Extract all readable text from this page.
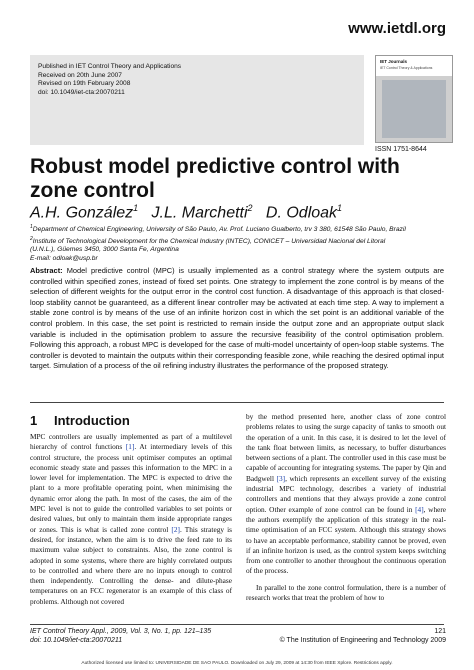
www.ietdl.org
Published in IET Control Theory and Applications
Received on 20th June 2007
Revised on 19th February 2008
doi: 10.1049/iet-cta:20070211
IET Journals
IET Control Theory & Applications
ISSN 1751-8644
Robust model predictive control with zone control
A.H. González$^1$ J.L. Marchetti$^2$ D. Odloak$^1$
$^1$Department of Chemical Engineering, University of São Paulo, Av. Prof. Luciano Gualberto, trv 3 380, 61548 São Paulo, Brazil
$^2$Institute of Technological Development for the Chemical Industry (INTEC), CONICET – Universidad Nacional del Litoral
(U.N.L.), Güemes 3450, 3000 Santa Fe, Argentina
E-mail: odloak@usp.br
Abstract: Model predictive control (MPC) is usually implemented as a control strategy where the system outputs are controlled within specified zones, instead of fixed set points. One strategy to implement the zone control is by means of the selection of different weights for the output error in the control cost function. A disadvantage of this approach is that closed-loop stability cannot be guaranteed, as a different linear controller may be activated at each time step. A way to implement a stable zone control is by means of the use of an infinite horizon cost in which the set point is an additional variable of the control problem. In this case, the set point is restricted to remain inside the output zone and an appropriate output slack variable is included in the optimisation problem to assure the recursive feasibility of the control optimisation problem. Following this approach, a robust MPC is developed for the case of multi-model uncertainty of open-loop stable systems. The controller is devoted to maintain the outputs within their corresponding feasible zone, while reaching the desired optimal input target. Simulation of a process of the oil refining industry illustrates the performance of the proposed strategy.
1 Introduction

MPC controllers are usually implemented as part of a multilevel hierarchy of control functions [1]. At intermediary levels of this control structure, the process unit optimiser computes an optimal economic steady state and passes this information to the MPC in a lower level for implementation. The MPC is expected to drive the plant to a more profitable operating point, when minimising the dynamic error along the path. In most of the cases, the aim of the MPC level is not to guide the controlled variables to set points or desired values, but only to maintain them inside appropriate ranges or zones. This is what is called zone control [2]. This strategy is desired, for instance, when the aim is to drive the feed rate to its maximum value subject to constraints. Also, the zone control is adopted in some systems, where there are highly correlated outputs to be controlled and where there are no inputs enough to control them independently. Controlling the dense- and dilute-phase temperatures on an FCC regenerator is an example of this class of problems. Although not covered

by the method presented here, another class of zone control problems relates to using the surge capacity of tanks to smooth out the operation of a unit. In this case, it is desired to let the level of the tank float between limits, as necessary, to buffer disturbances between sections of a plant. The controller used in this case must be capable of accounting for integrating systems. The paper by Qin and Badgwell [3], which represents an excellent survey of the existing industrial MPC technology, describes a variety of industrial controllers and mentions that they always provide a zone control option. Other example of zone control can be found in [4], where the authors exemplify the application of this strategy in the real-time optimisation of an FCC system. Although this strategy shows to have an acceptable performance, stability cannot be proved, even if an infinite horizon is used, as the control system keeps switching from one controller to another throughout the continuous operation of the process.

In parallel to the zone control formulation, there is a number of research works that treat the problem of how to

IET Control Theory Appl., 2009, Vol. 3, No. 1, pp. 121–135
doi: 10.1049/iet-cta:20070211
121
© The Institution of Engineering and Technology 2009
Authorized licensed use limited to: UNIVERSIDADE DE SAO PAULO. Downloaded on July 29, 2009 at 14:30 from IEEE Xplore. Restrictions apply.
